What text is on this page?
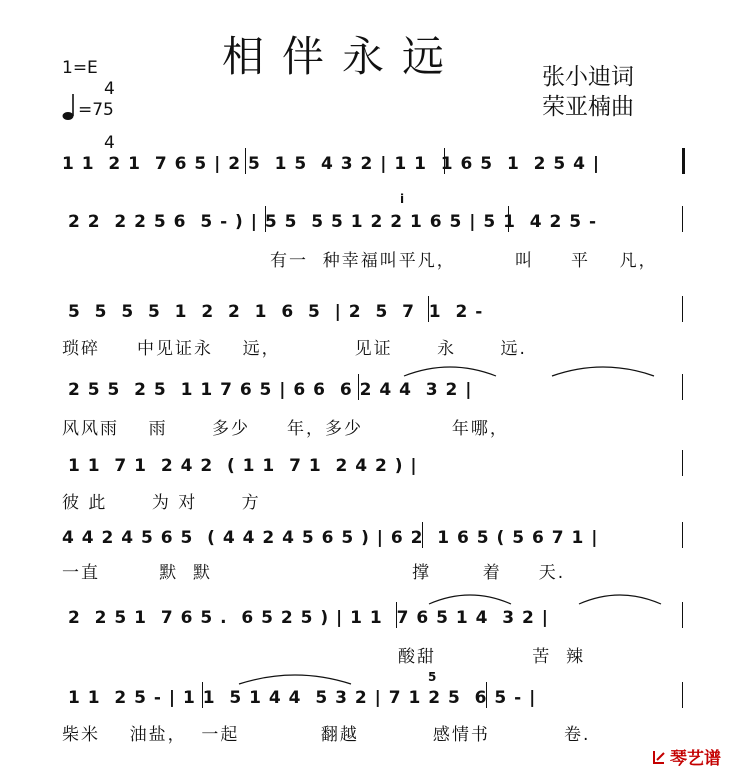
相伴永远	张小迪词
荣亚楠曲
1=E

4

4

=75
1 1  2 1  7 6 5 | 2 5  1 5  4 3 2 | 1 1  1 6 5  1  2 5 4 |
2 2  2 2 5 6  5 - ) | 5 5  5 5 1 2 2 1 6 5 | 5 1  4 2 5 -
有一  种幸福叫平凡，        叫     平    凡，
i
5  5  5  5  1  2  2  1  6  5  | 2  5  7  1  2 -
琐碎     中见证永    远，          见证      永      远.
2 5 5  2 5  1 1 7 6 5 | 6 6  6 2 4 4  3 2 |
风风雨    雨      多少     年，多少            年哪，
1 1  7 1  2 4 2  ( 1 1  7 1  2 4 2 ) |
彼 此      为 对      方
4 4 2 4 5 6 5  ( 4 4 2 4 5 6 5 ) | 6 2  1 6 5 ( 5 6 7 1 |
一直        默  默                           撑       着     天.
2  2 5 1  7 6 5 .  6 5 2 5 ) | 1 1  7 6 5 1 4  3 2 |
酸甜             苦  辣
1 1  2 5 - | 1 1  5 1 4 4  5 3 2 | 7 1 2 5  6 5 - |
柴米    油盐，  一起           翻越          感情书          卷.
5
琴艺谱
